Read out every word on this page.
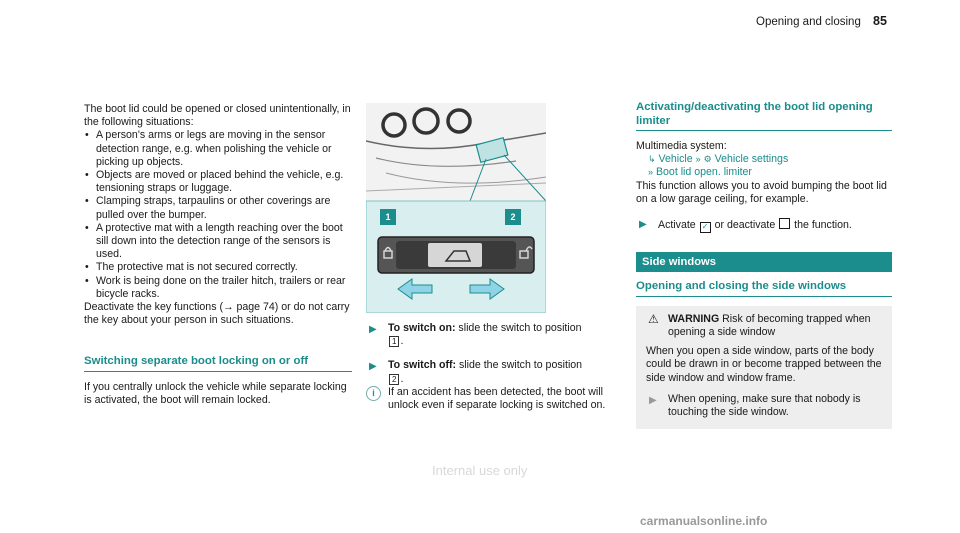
Opening and closing 85

The boot lid could be opened or closed unintentionally, in the following situations:

• A person's arms or legs are moving in the sensor detection range, e.g. when polishing the vehicle or picking up objects.
• Objects are moved or placed behind the vehicle, e.g. tensioning straps or luggage.
• Clamping straps, tarpaulins or other coverings are pulled over the bumper.
• A protective mat with a length reaching over the boot sill down into the detection range of the sensors is used.
• The protective mat is not secured correctly.
• Work is being done on the trailer hitch, trailers or rear bicycle racks.

Deactivate the key functions (→ page 74) or do not carry the key about your person in such situations.

Switching separate boot locking on or off

If you centrally unlock the vehicle while separate locking is activated, the boot will remain locked.

1	2
▶ To switch on: slide the switch to position
1 .
▶ To switch off: slide the switch to position
2 .
i	If an accident has been detected, the boot will unlock even if separate locking is switched on.
Activating/deactivating the boot lid opening limiter

Multimedia system:

↳ Vehicle » ⚙ Vehicle settings

» Boot lid open. limiter

This function allows you to avoid bumping the boot lid on a low garage ceiling, for example.

▶ Activate ✓ or deactivate the function.
Side windows
Opening and closing the side windows
⚠ WARNING Risk of becoming trapped when opening a side window

When you open a side window, parts of the body could be drawn in or become trapped between the side window and window frame.

▶ When opening, make sure that nobody is touching the side window.
Internal use only
carmanualsonline.info
